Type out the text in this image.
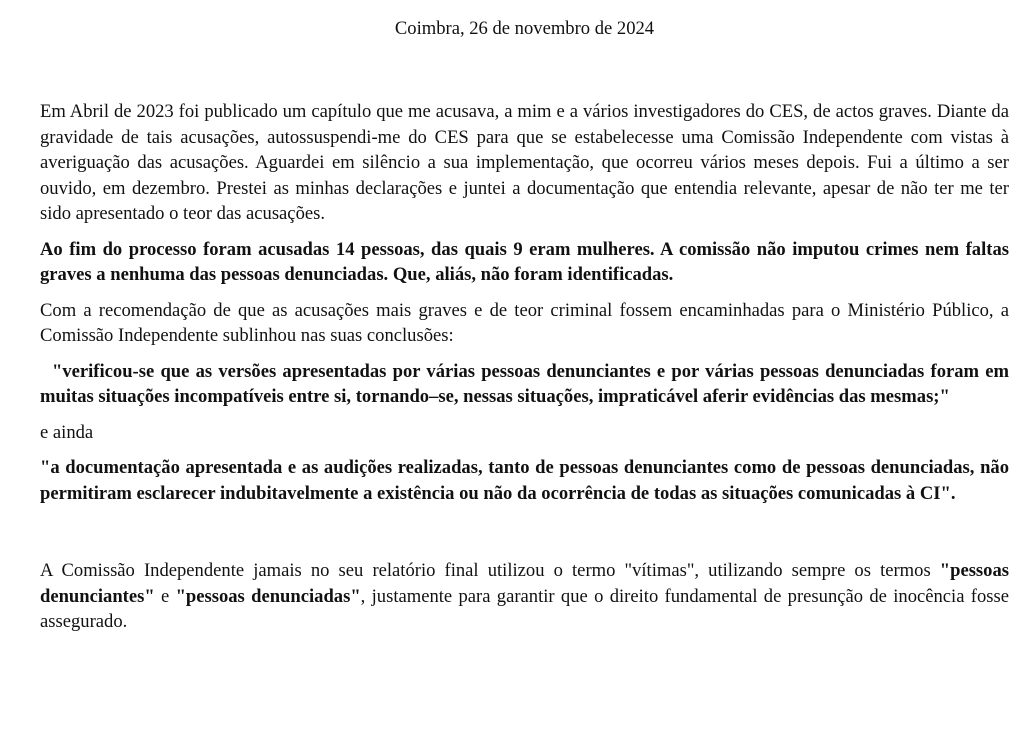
Coimbra, 26 de novembro de 2024

Em Abril de 2023 foi publicado um capítulo que me acusava, a mim e a vários investigadores do CES, de actos graves. Diante da gravidade de tais acusações, autossuspendi-me do CES para que se estabelecesse uma Comissão Independente com vistas à averiguação das acusações. Aguardei em silêncio a sua implementação, que ocorreu vários meses depois. Fui a último a ser ouvido, em dezembro. Prestei as minhas declarações e juntei a documentação que entendia relevante, apesar de não ter me ter sido apresentado o teor das acusações.

Ao fim do processo foram acusadas 14 pessoas, das quais 9 eram mulheres. A comissão não imputou crimes nem faltas graves a nenhuma das pessoas denunciadas. Que, aliás, não foram identificadas.

Com a recomendação de que as acusações mais graves e de teor criminal fossem encaminhadas para o Ministério Público, a Comissão Independente sublinhou nas suas conclusões:

"verificou-se que as versões apresentadas por várias pessoas denunciantes e por várias pessoas denunciadas foram em muitas situações incompatíveis entre si, tornando–se, nessas situações, impraticável aferir evidências das mesmas;"

e ainda

"a documentação apresentada e as audições realizadas, tanto de pessoas denunciantes como de pessoas denunciadas, não permitiram esclarecer indubitavelmente a existência ou não da ocorrência de todas as situações comunicadas à CI".

A Comissão Independente jamais no seu relatório final utilizou o termo "vítimas", utilizando sempre os termos "pessoas denunciantes" e "pessoas denunciadas", justamente para garantir que o direito fundamental de presunção de inocência fosse assegurado.
